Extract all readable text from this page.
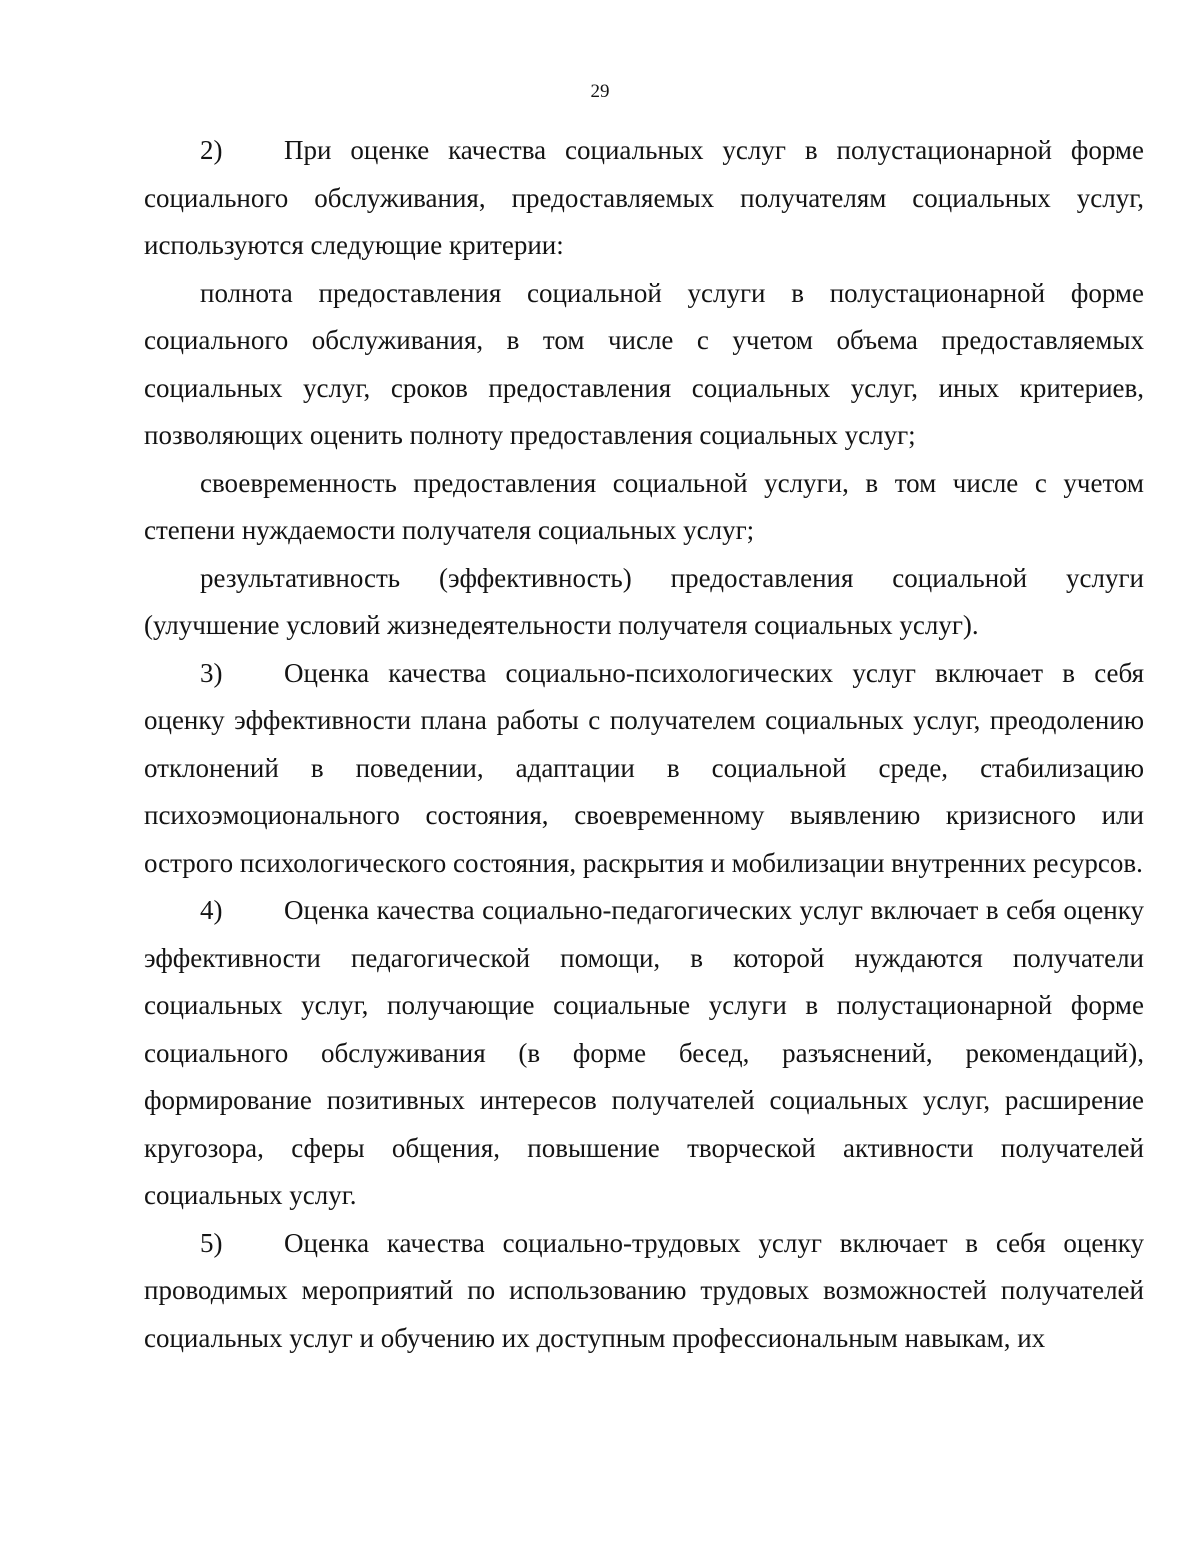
29

2) При оценке качества социальных услуг в полустационарной форме социального обслуживания, предоставляемых получателям социальных услуг, используются следующие критерии:

полнота предоставления социальной услуги в полустационарной форме социального обслуживания, в том числе с учетом объема предоставляемых социальных услуг, сроков предоставления социальных услуг, иных критериев, позволяющих оценить полноту предоставления социальных услуг;

своевременность предоставления социальной услуги, в том числе с учетом степени нуждаемости получателя социальных услуг;

результативность (эффективность) предоставления социальной услуги (улучшение условий жизнедеятельности получателя социальных услуг).

3) Оценка качества социально-психологических услуг включает в себя оценку эффективности плана работы с получателем социальных услуг, преодолению отклонений в поведении, адаптации в социальной среде, стабилизацию психоэмоционального состояния, своевременному выявлению кризисного или острого психологического состояния, раскрытия и мобилизации внутренних ресурсов.

4) Оценка качества социально-педагогических услуг включает в себя оценку эффективности педагогической помощи, в которой нуждаются получатели социальных услуг, получающие социальные услуги в полустационарной форме социального обслуживания (в форме бесед, разъяснений, рекомендаций), формирование позитивных интересов получателей социальных услуг, расширение кругозора, сферы общения, повышение творческой активности получателей социальных услуг.

5) Оценка качества социально-трудовых услуг включает в себя оценку проводимых мероприятий по использованию трудовых возможностей получателей социальных услуг и обучению их доступным профессиональным навыкам, их
